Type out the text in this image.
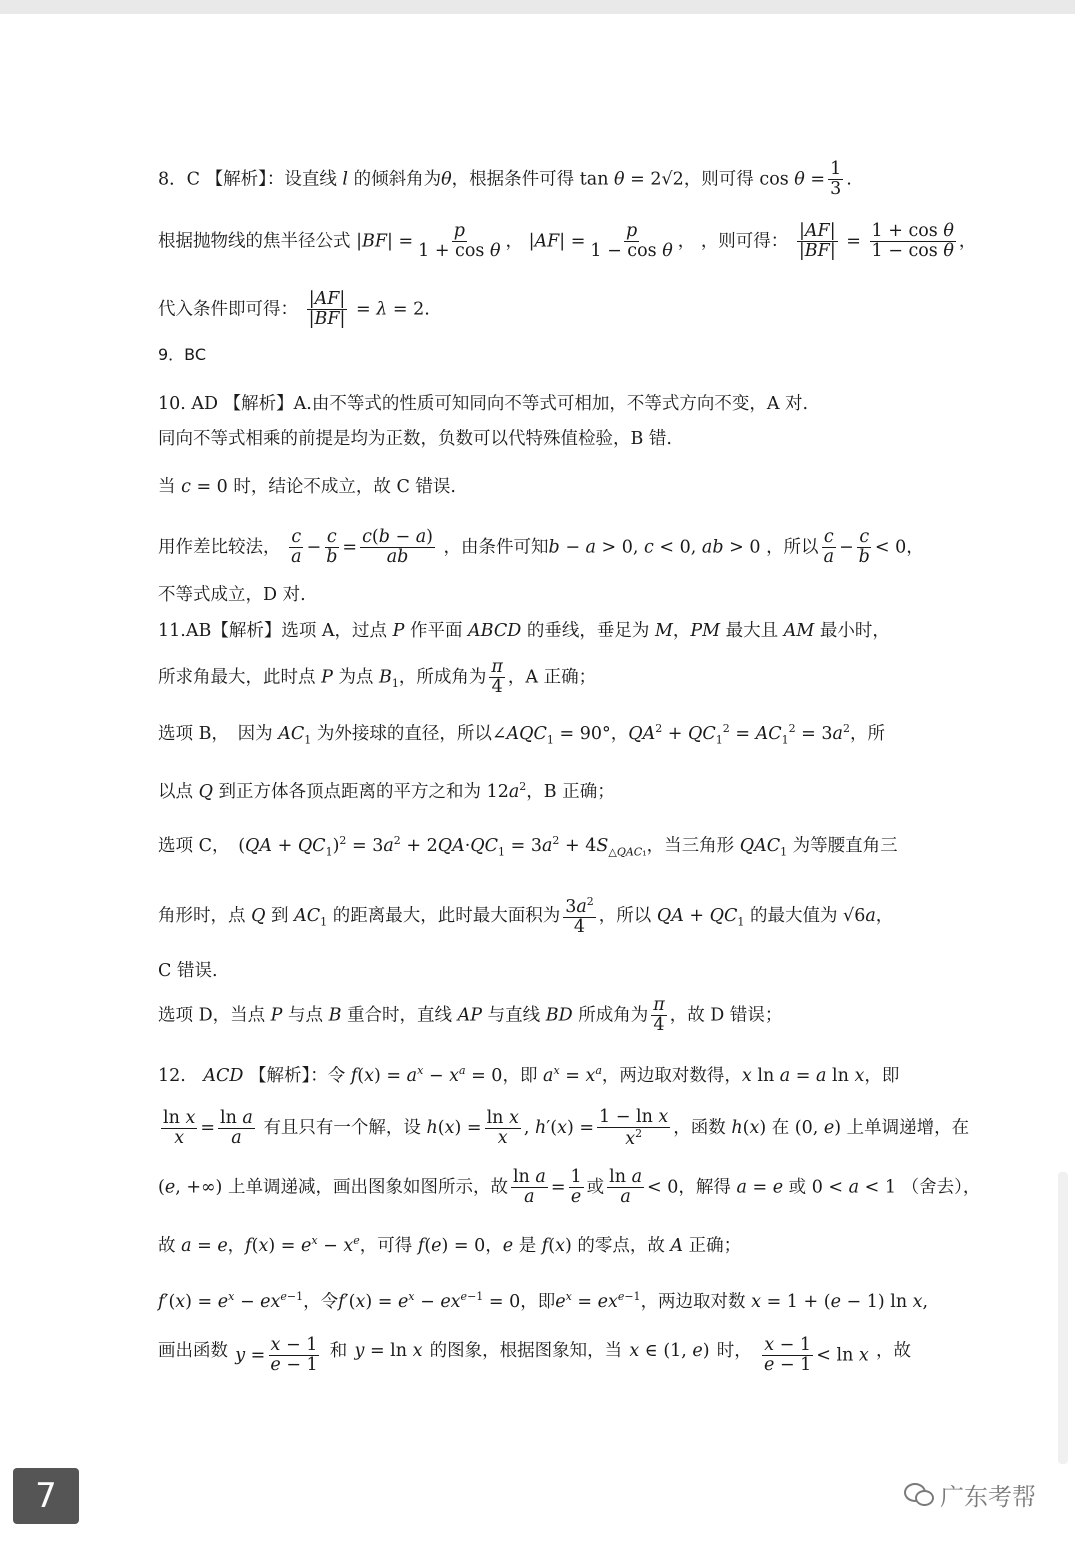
8．C 【解析】：设直线 l 的倾斜角为θ，根据条件可得 tan θ = 2√2，则可得 $\cos \theta = \frac{1}{3}$ .
根据抛物线的焦半径公式 $|BF| = \frac{p}{\text{1 + cos θ}}$ ， $|AF| = \frac{p}{\text{1 − cos θ}}$ ， ，则可得： $\frac{|AF|}{|BF|} = \frac{\text{1 + cos θ}}{\text{1 − cos θ}}$ ，
代入条件即可得： $\frac{|AF|}{|BF|} = \lambda = 2$.
9．BC
10. AD 【解析】A.由不等式的性质可知同向不等式可相加，不等式方向不变，A 对.
同向不等式相乘的前提是均为正数，负数可以代特殊值检验，B 错.
当 c = 0 时，结论不成立，故 C 错误.
用作差比较法， $\frac{c}{a} - \frac{c}{b} = \frac{c(b - a)}{ab}$ ，由条件可知b − a > 0, c < 0, ab > 0 ，所以 $\frac{c}{a} - \frac{c}{b} < 0$，
不等式成立，D 对.
11.AB【解析】选项 A，过点 P 作平面 ABCD 的垂线，垂足为 M，PM 最大且 AM 最小时，
所求角最大，此时点 P 为点 $B_1$，所成角为 $\frac{\pi}{4}$ ，A 正确；
选项 B，　因为 $AC_1$ 为外接球的直径，所以$\angle AQC_1 = 90^\circ$，$QA^2 + QC_1^2 = AC_1^2 = 3a^2$，所
以点 Q 到正方体各顶点距离的平方之和为 $12a^2$，B 正确；
选项 C，　$(QA + QC_1)^2 = 3a^2 + 2QA\cdot QC_1 = 3a^2 + 4S_{\triangle QAC_1}$，当三角形 $QAC_1$ 为等腰直角三
角形时，点 Q 到 $AC_1$ 的距离最大，此时最大面积为 $\frac{3a^2}{4}$ ，所以 QA + $QC_1$ 的最大值为 √6a，
C 错误.
选项 D，当点 P 与点 B 重合时，直线 AP 与直线 BD 所成角为 $\frac{\pi}{4}$ ，故 D 错误；
12.　 ACD 【解析】：令 $f(x) = a^x - x^a = 0$，即 $a^x = x^a$，两边取对数得，x ln a = a ln x，即
$\frac{\text{ln x}}{x} = \frac{\text{ln a}}{a}$ 有且只有一个解，设 $h(x) = \frac{\text{ln x}}{x}$ , $h'(x) = \frac{\text{1 − ln x}}{x^2}$ ，函数 h(x) 在 (0, e) 上单调递增，在
(e, +∞) 上单调递减，画出图象如图所示，故 $\frac{\text{ln a}}{a} = \frac{1}{e}$ 或 $\frac{\text{ln a}}{a} < 0$，解得 a = e 或 0 < a < 1 （舍去），
故 a = e，$f(x) = e^x - x^e$，可得 f(e) = 0，e 是 f(x) 的零点，故 A 正确；
$f'(x) = e^x - ex^{e-1}$，令$f'(x) = e^x - ex^{e-1} = 0$，即$e^x = ex^{e-1}$，两边取对数 x = 1 + (e − 1) ln x,
画出函数 $y = \frac{x - 1}{e - 1}$ 和 y = ln x 的图象，根据图象知，当 x ∈ (1, e) 时， $\frac{x - 1}{e - 1} < \ln x$ ，故
7	广东考帮
